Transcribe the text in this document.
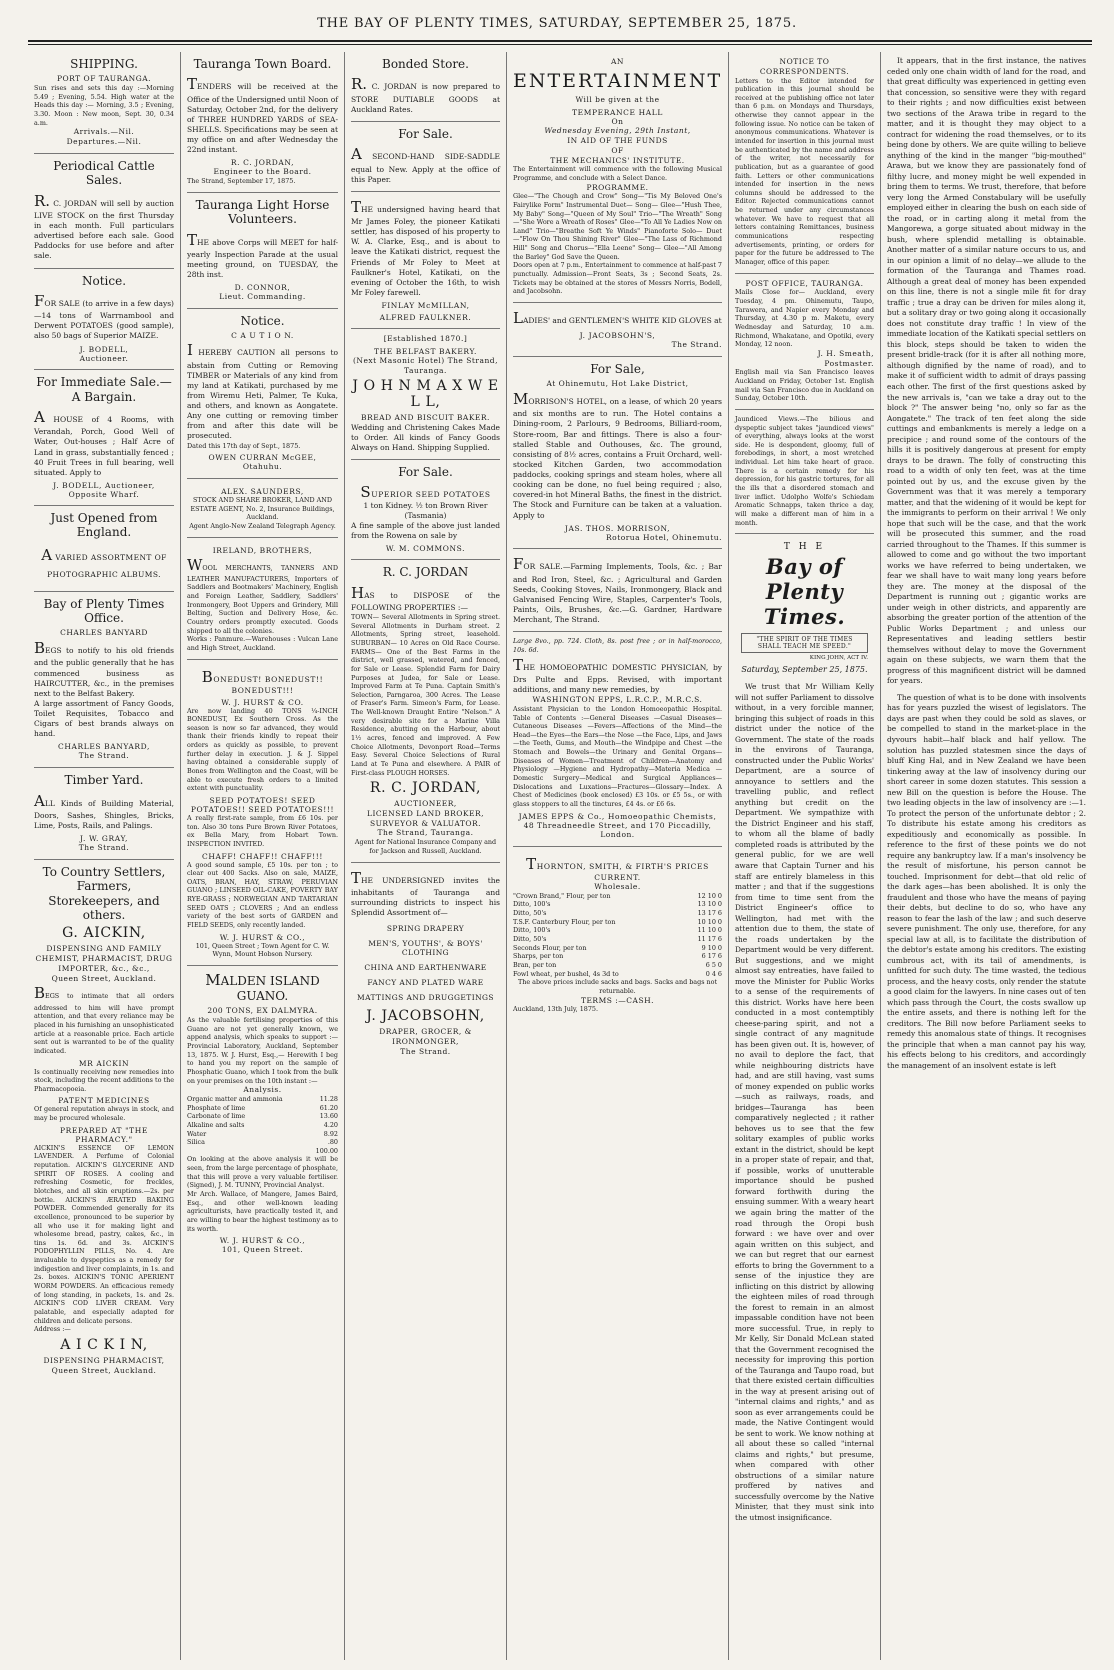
THE BAY OF PLENTY TIMES, SATURDAY, SEPTEMBER 25, 1875.
SHIPPING.
PORT OF TAURANGA.
Sun rises and sets this day :—Morning 5.49 ; Evening, 5.54. High water at the Heads this day :— Morning, 3.5 ; Evening, 3.30. Moon : New moon, Sept. 30, 0.34 a.m.
Arrivals.—Nil.
Departures.—Nil.
Periodical Cattle Sales.
R. C. JORDAN will sell by auction LIVE STOCK on the first Thursday in each month. Full particulars advertised before each sale. Good Paddocks for use before and after sale.
Notice.
FOR SALE (to arrive in a few days) —14 tons of Warrnambool and Derwent POTATOES (good sample), also 50 bags of Superior MAIZE.
J. BODELL,
Auctioneer.
For Immediate Sale.—A Bargain.
A HOUSE of 4 Rooms, with Verandah, Porch, Good Well of Water, Out-houses ; Half Acre of Land in grass, substantially fenced ; 40 Fruit Trees in full bearing, well situated. Apply to
J. BODELL, Auctioneer, Opposite Wharf.
Just Opened from England.
A VARIED ASSORTMENT OF
PHOTOGRAPHIC ALBUMS.
Bay of Plenty Times Office.
CHARLES BANYARD
BEGS to notify to his old friends and the public generally that he has commenced business as HAIRCUTTER, &c., in the premises next to the Belfast Bakery.
A large assortment of Fancy Goods, Toilet Requisites, Tobacco and Cigars of best brands always on hand.
CHARLES BANYARD,
The Strand.
Timber Yard.
ALL Kinds of Building Material, Doors, Sashes, Shingles, Bricks, Lime, Posts, Rails, and Palings.
J. W. GRAY,
The Strand.
To Country Settlers, Farmers, Storekeepers, and others.
G. AICKIN,
DISPENSING AND FAMILY CHEMIST, PHARMACIST, DRUG IMPORTER, &c., &c.,
Queen Street, Auckland.
BEGS to intimate that all orders addressed to him will have prompt attention, and that every reliance may be placed in his furnishing an unsophisticated article at a reasonable price. Each article sent out is warranted to be of the quality indicated.
MR AICKIN
Is continually receiving new remedies into stock, including the recent additions to the Pharmacopoeia.
PATENT MEDICINES
Of general reputation always in stock, and may be procured wholesale.
PREPARED AT "THE PHARMACY."
AICKIN'S ESSENCE OF LEMON LAVENDER. A Perfume of Colonial reputation. AICKIN'S GLYCERINE AND SPIRIT OF ROSES. A cooling and refreshing Cosmetic, for freckles, blotches, and all skin eruptions.—2s. per bottle. AICKIN'S ÆRATED BAKING POWDER. Commended generally for its excellence, pronounced to be superior by all who use it for making light and wholesome bread, pastry, cakes, &c., in tins 1s. 6d. and 3s. AICKIN'S PODOPHYLLIN PILLS, No. 4. Are invaluable to dyspeptics as a remedy for indigestion and liver complaints, in 1s. and 2s. boxes. AICKIN'S TONIC APERIENT WORM POWDERS. An efficacious remedy of long standing, in packets, 1s. and 2s. AICKIN'S COD LIVER CREAM. Very palatable, and especially adapted for children and delicate persons.
Address :—
A I C K I N,
DISPENSING PHARMACIST,
Queen Street, Auckland.
Tauranga Town Board.
TENDERS will be received at the Office of the Undersigned until Noon of Saturday, October 2nd, for the delivery of THREE HUNDRED YARDS of SEA-SHELLS. Specifications may be seen at my office on and after Wednesday the 22nd instant.
R. C. JORDAN,
Engineer to the Board.
The Strand, September 17, 1875.
Tauranga Light Horse Volunteers.
THE above Corps will MEET for half-yearly Inspection Parade at the usual meeting ground, on TUESDAY, the 28th inst.
D. CONNOR,
Lieut. Commanding.
Notice.
C A U T I O N.
I HEREBY CAUTION all persons to abstain from Cutting or Removing TIMBER or Materials of any kind from my land at Katikati, purchased by me from Wiremu Heti, Palmer, Te Kuka, and others, and known as Aongatete. Any one cutting or removing timber from and after this date will be prosecuted.
Dated this 17th day of Sept., 1875.
OWEN CURRAN McGEE,
Otahuhu.
ALEX. SAUNDERS,
STOCK AND SHARE BROKER, LAND AND ESTATE AGENT, No. 2, Insurance Buildings, Auckland.
Agent Anglo-New Zealand Telegraph Agency.
IRELAND, BROTHERS,
WOOL MERCHANTS, TANNERS AND LEATHER MANUFACTURERS, Importers of Saddlers and Bootmakers' Machinery, English and Foreign Leather, Saddlery, Saddlers' Ironmongery, Boot Uppers and Grindery, Mill Belting, Suction and Delivery Hose, &c. Country orders promptly executed. Goods shipped to all the colonies.
Works : Panmure.—Warehouses : Vulcan Lane and High Street, Auckland.
BONEDUST! BONEDUST!! BONEDUST!!!
W. J. HURST & CO.
Are now landing 40 TONS ¼-INCH BONEDUST, Ex Southern Cross. As the season is now so far advanced, they would thank their friends kindly to repeat their orders as quickly as possible, to prevent further delay in execution. J. & J. Sippel having obtained a considerable supply of Bones from Wellington and the Coast, will be able to execute fresh orders to a limited extent with punctuality.
SEED POTATOES! SEED POTATOES!! SEED POTATOES!!!
A really first-rate sample, from £6 10s. per ton. Also 30 tons Pure Brown River Potatoes, ex Bella Mary, from Hobart Town. INSPECTION INVITED.
CHAFF! CHAFF!! CHAFF!!!
A good sound sample, £5 10s. per ton ; to clear out 400 Sacks. Also on sale, MAIZE, OATS, BRAN, HAY, STRAW, PERUVIAN GUANO ; LINSEED OIL-CAKE, POVERTY BAY RYE-GRASS ; NORWEGIAN AND TARTARIAN SEED OATS ; CLOVERS ; And an endless variety of the best sorts of GARDEN and FIELD SEEDS, only recently landed.
W. J. HURST & CO.,
101, Queen Street ; Town Agent for C. W. Wynn, Mount Hobson Nursery.
MALDEN ISLAND GUANO.
200 TONS, EX DALMYRA.
As the valuable fertilising properties of this Guano are not yet generally known, we append analysis, which speaks to support :— Provincial Laboratory, Auckland, September 13, 1875. W. J. Hurst, Esq.,— Herewith I beg to hand you my report on the sample of Phosphatic Guano, which I took from the bulk on your premises on the 10th instant :—
Analysis.
Organic matter and ammonia	11.28
Phosphate of lime	61.20
Carbonate of lime	13.60
Alkaline and salts	4.20
Water	8.92
Silica	.80
100.00
On looking at the above analysis it will be seen, from the large percentage of phosphate, that this will prove a very valuable fertiliser. (Signed), J. M. TUNNY, Provincial Analyst.
Mr Arch. Wallace, of Mangere, James Baird, Esq., and other well-known leading agriculturists, have practically tested it, and are willing to bear the highest testimony as to its worth.
W. J. HURST & CO.,
101, Queen Street.
Bonded Store.
R. C. JORDAN is now prepared to STORE DUTIABLE GOODS at Auckland Rates.
For Sale.
A SECOND-HAND SIDE-SADDLE equal to New. Apply at the office of this Paper.
THE undersigned having heard that Mr James Foley, the pioneer Katikati settler, has disposed of his property to W. A. Clarke, Esq., and is about to leave the Katikati district, request the Friends of Mr Foley to Meet at Faulkner's Hotel, Katikati, on the evening of October the 16th, to wish Mr Foley farewell.
FINLAY McMILLAN,
ALFRED FAULKNER.
[Established 1870.]
THE BELFAST BAKERY.
(Next Masonic Hotel) The Strand, Tauranga.
J O H N M A X W E L L,
BREAD AND BISCUIT BAKER.
Wedding and Christening Cakes Made to Order. All kinds of Fancy Goods Always on Hand. Shipping Supplied.
For Sale.
SUPERIOR SEED POTATOES
1 ton Kidney. ½ ton Brown River (Tasmania)
A fine sample of the above just landed from the Rowena on sale by
W. M. COMMONS.
R. C. JORDAN
HAS to DISPOSE of the FOLLOWING PROPERTIES :—
TOWN— Several Allotments in Spring street. Several Allotments in Durham street. 2 Allotments, Spring street, leasehold. SUBURBAN— 10 Acres on Old Race Course. FARMS— One of the Best Farms in the district, well grassed, watered, and fenced, for Sale or Lease. Splendid Farm for Dairy Purposes at Judea, for Sale or Lease. Improved Farm at Te Puna. Captain Smith's Selection, Parngaroa, 300 Acres. The Lease of Fraser's Farm. Simeon's Farm, for Lease. The Well-known Draught Entire "Nelson." A very desirable site for a Marine Villa Residence, abutting on the Harbour, about 1½ acres, fenced and improved. A Few Choice Allotments, Devonport Road—Terms Easy. Several Choice Selections of Rural Land at Te Puna and elsewhere. A PAIR of First-class PLOUGH HORSES.
R. C. JORDAN,
AUCTIONEER,
LICENSED LAND BROKER, SURVEYOR & VALUATOR.
The Strand, Tauranga.
Agent for National Insurance Company and for Jackson and Russell, Auckland.
THE UNDERSIGNED invites the inhabitants of Tauranga and surrounding districts to inspect his Splendid Assortment of—
SPRING DRAPERY
MEN'S, YOUTHS', & BOYS' CLOTHING
CHINA AND EARTHENWARE
FANCY AND PLATED WARE
MATTINGS AND DRUGGETINGS
J. JACOBSOHN,
DRAPER, GROCER, & IRONMONGER,
The Strand.
AN
ENTERTAINMENT
Will be given at the
TEMPERANCE HALL
On
Wednesday Evening, 29th Instant,
IN AID OF THE FUNDS
OF
THE MECHANICS' INSTITUTE.
The Entertainment will commence with the following Musical Programme, and conclude with a Select Dance.
PROGRAMME.
Glee—"The Chough and Crow" Song—"Tis My Beloved One's Fairylike Form" Instrumental Duet— Song— Glee—"Hush Thee, My Baby" Song—"Queen of My Soul" Trio—"The Wreath" Song—"She Wore a Wreath of Roses" Glee—"To All Ye Ladies Now on Land" Trio—"Breathe Soft Ye Winds" Pianoforte Solo— Duet—"Flow On Thou Shining River" Glee—"The Lass of Richmond Hill" Song and Chorus—"Ella Leene" Song— Glee—"All Among the Barley" God Save the Queen.
Doors open at 7 p.m., Entertainment to commence at half-past 7 punctually. Admission—Front Seats, 3s ; Second Seats, 2s. Tickets may be obtained at the stores of Messrs Norris, Bodell, and Jacobsohn.
LADIES' and GENTLEMEN'S WHITE KID GLOVES at
J. JACOBSOHN'S,
The Strand.
For Sale,
At Ohinemutu, Hot Lake District,
MORRISON'S HOTEL, on a lease, of which 20 years and six months are to run. The Hotel contains a Dining-room, 2 Parlours, 9 Bedrooms, Billiard-room, Store-room, Bar and fittings. There is also a four-stalled Stable and Outhouses, &c. The ground, consisting of 8½ acres, contains a Fruit Orchard, well-stocked Kitchen Garden, two accommodation paddocks, cooking springs and steam holes, where all cooking can be done, no fuel being required ; also, covered-in hot Mineral Baths, the finest in the district. The Stock and Furniture can be taken at a valuation. Apply to
JAS. THOS. MORRISON,
Rotorua Hotel, Ohinemutu.
FOR SALE.—Farming Implements, Tools, &c. ; Bar and Rod Iron, Steel, &c. ; Agricultural and Garden Seeds, Cooking Stoves, Nails, Ironmongery, Black and Galvanised Fencing Wire, Staples, Carpenter's Tools, Paints, Oils, Brushes, &c.—G. Gardner, Hardware Merchant, The Strand.
Large 8vo., pp. 724. Cloth, 8s. post free ; or in half-morocco, 10s. 6d.
THE HOMOEOPATHIC DOMESTIC PHYSICIAN, by Drs Pulte and Epps. Revised, with important additions, and many new remedies, by
WASHINGTON EPPS, L.R.C.P., M.R.C.S.
Assistant Physician to the London Homoeopathic Hospital. Table of Contents :—General Diseases —Casual Diseases—Cutaneous Diseases —Fevers—Affections of the Mind—the Head—the Eyes—the Ears—the Nose —the Face, Lips, and Jaws—the Teeth, Gums, and Mouth—the Windpipe and Chest —the Stomach and Bowels—the Urinary and Genital Organs—Diseases of Women—Treatment of Children—Anatomy and Physiology —Hygiene and Hydropathy—Materia Medica —Domestic Surgery—Medical and Surgical Appliances—Dislocations and Luxations—Fractures—Glossary—Index. A Chest of Medicines (book enclosed) £3 10s. or £5 5s., or with glass stoppers to all the tinctures, £4 4s. or £6 6s.
JAMES EPPS & Co., Homoeopathic Chemists,
48 Threadneedle Street, and 170 Piccadilly, London.
THORNTON, SMITH, & FIRTH'S PRICES CURRENT.
Wholesale.
"Crown Brand," Flour, per ton	12 10 0
Ditto, 100's	13 10 0
Ditto, 50's	13 17 6
T.S.F. Canterbury Flour, per ton	10 10 0
Ditto, 100's	11 10 0
Ditto, 50's	11 17 6
Seconds Flour, per ton	9 10 0
Sharps, per ton	6 17 6
Bran, per ton	6 5 0
Fowl wheat, per bushel, 4s 3d to	0 4 6
The above prices include sacks and bags. Sacks and bags not returnable.
TERMS :—CASH.
Auckland, 13th July, 1875.
NOTICE TO CORRESPONDENTS.
Letters to the Editor intended for publication in this journal should be received at the publishing office not later than 6 p.m. on Mondays and Thursdays, otherwise they cannot appear in the following issue. No notice can be taken of anonymous communications. Whatever is intended for insertion in this journal must be authenticated by the name and address of the writer, not necessarily for publication, but as a guarantee of good faith. Letters or other communications intended for insertion in the news columns should be addressed to the Editor. Rejected communications cannot be returned under any circumstances whatever. We have to request that all letters containing Remittances, business communications respecting advertisements, printing, or orders for paper for the future be addressed to The Manager, office of this paper.
POST OFFICE, TAURANGA.
Mails Close for— Auckland, every Tuesday, 4 pm. Ohinemutu, Taupo, Tarawera, and Napier every Monday and Thursday, at 4.30 p m. Maketu, every Wednesday and Saturday, 10 a.m. Richmond, Whakatane, and Opotiki, every Monday, 12 noon.
J. H. Smeath,
Postmaster.
English mail via San Francisco leaves Auckland on Friday, October 1st. English mail via San Francisco due in Auckland on Sunday, October 10th.
Jaundiced Views.—The bilious and dyspeptic subject takes "jaundiced views" of everything, always looks at the worst side. He is despondent, gloomy, full of forebodings, in short, a most wretched individual. Let him take heart of grace. There is a certain remedy for his depression, for his gastric tortures, for all the ills that a disordered stomach and liver inflict. Udolpho Wolfe's Schiedam Aromatic Schnapps, taken thrice a day, will make a different man of him in a month.
T H E
Bay of Plenty Times.
"THE SPIRIT OF THE TIMES SHALL TEACH ME SPEED."
KING JOHN, ACT IV.
Saturday, September 25, 1875.

We trust that Mr William Kelly will not suffer Parliament to dissolve without, in a very forcible manner, bringing this subject of roads in this district under the notice of the Government. The state of the roads in the environs of Tauranga, constructed under the Public Works' Department, are a source of annoyance to settlers and the travelling public, and reflect anything but credit on the Department. We sympathize with the District Engineer and his staff, to whom all the blame of badly completed roads is attributed by the general public, for we are well aware that Captain Turner and his staff are entirely blameless in this matter ; and that if the suggestions from time to time sent from the District Engineer's office to Wellington, had met with the attention due to them, the state of the roads undertaken by the Department would be very different. But suggestions, and we might almost say entreaties, have failed to move the Minister for Public Works to a sense of the requirements of this district. Works have here been conducted in a most contemptibly cheese-paring spirit, and not a single contract of any magnitude has been given out. It is, however, of no avail to deplore the fact, that while neighbouring districts have had, and are still having, vast sums of money expended on public works—such as railways, roads, and bridges—Tauranga has been comparatively neglected ; it rather behoves us to see that the few solitary examples of public works extant in the district, should be kept in a proper state of repair, and that, if possible, works of unutterable importance should be pushed forward forthwith during the ensuing summer. With a weary heart we again bring the matter of the road through the Oropi bush forward : we have over and over again written on this subject, and we can but regret that our earnest efforts to bring the Government to a sense of the injustice they are inflicting on this district by allowing the eighteen miles of road through the forest to remain in an almost impassable condition have not been more successful. True, in reply to Mr Kelly, Sir Donald McLean stated that the Government recognised the necessity for improving this portion of the Tauranga and Taupo road, but that there existed certain difficulties in the way at present arising out of "internal claims and rights," and as soon as ever arrangements could be made, the Native Contingent would be sent to work. We know nothing at all about these so called "internal claims and rights," but presume, when compared with other obstructions of a similar nature proffered by natives and successfully overcome by the Native Minister, that they must sink into the utmost insignificance.

It appears, that in the first instance, the natives ceded only one chain width of land for the road, and that great difficulty was experienced in getting even that concession, so sensitive were they with regard to their rights ; and now difficulties exist between two sections of the Arawa tribe in regard to the matter, and it is thought they may object to a contract for widening the road themselves, or to its being done by others. We are quite willing to believe anything of the kind in the manger "big-mouthed" Arawa, but we know they are passionately fond of filthy lucre, and money might be well expended in bring them to terms. We trust, therefore, that before very long the Armed Constabulary will be usefully employed either in clearing the bush on each side of the road, or in carting along it metal from the Mangorewa, a gorge situated about midway in the bush, where splendid metalling is obtainable. Another matter of a similar nature occurs to us, and in our opinion a limit of no delay—we allude to the formation of the Tauranga and Thames road. Although a great deal of money has been expended on this line, there is not a single mile fit for dray traffic ; true a dray can be driven for miles along it, but a solitary dray or two going along it occasionally does not constitute dray traffic ! In view of the immediate location of the Katikati special settlers on this block, steps should be taken to widen the present bridle-track (for it is after all nothing more, although dignified by the name of road), and to make it of sufficient width to admit of drays passing each other. The first of the first questions asked by the new arrivals is, "can we take a dray out to the block ?" The answer being "no, only so far as the Aongatete." The track of ten feet along the side cuttings and embankments is merely a ledge on a precipice ; and round some of the contours of the hills it is positively dangerous at present for empty drays to be drawn. The folly of constructing this road to a width of only ten feet, was at the time pointed out by us, and the excuse given by the Government was that it was merely a temporary matter, and that the widening of it would be kept for the immigrants to perform on their arrival ! We only hope that such will be the case, and that the work will be prosecuted this summer, and the road carried throughout to the Thames. If this summer is allowed to come and go without the two important works we have referred to being undertaken, we fear we shall have to wait many long years before they are. The money at the disposal of the Department is running out ; gigantic works are under weigh in other districts, and apparently are absorbing the greater portion of the attention of the Public Works Department ; and unless our Representatives and leading settlers bestir themselves without delay to move the Government again on these subjects, we warn them that the progress of this magnificent district will be damned for years.

The question of what is to be done with insolvents has for years puzzled the wisest of legislators. The days are past when they could be sold as slaves, or be compelled to stand in the market-place in the dyvours habit—half black and half yellow. The solution has puzzled statesmen since the days of bluff King Hal, and in New Zealand we have been tinkering away at the law of insolvency during our short career in some dozen statutes. This session a new Bill on the question is before the House. The two leading objects in the law of insolvency are :—1. To protect the person of the unfortunate debtor ; 2. To distribute his estate among his creditors as expeditiously and economically as possible. In reference to the first of these points we do not require any bankruptcy law. If a man's insolvency be the result of misfortune, his person cannot be touched. Imprisonment for debt—that old relic of the dark ages—has been abolished. It is only the fraudulent and those who have the means of paying their debts, but decline to do so, who have any reason to fear the lash of the law ; and such deserve severe punishment. The only use, therefore, for any special law at all, is to facilitate the distribution of the debtor's estate among his creditors. The existing cumbrous act, with its tail of amendments, is unfitted for such duty. The time wasted, the tedious process, and the heavy costs, only render the statute a good claim for the lawyers. In nine cases out of ten which pass through the Court, the costs swallow up the entire assets, and there is nothing left for the creditors. The Bill now before Parliament seeks to remedy this anomalous state of things. It recognises the principle that when a man cannot pay his way, his effects belong to his creditors, and accordingly the management of an insolvent estate is left
